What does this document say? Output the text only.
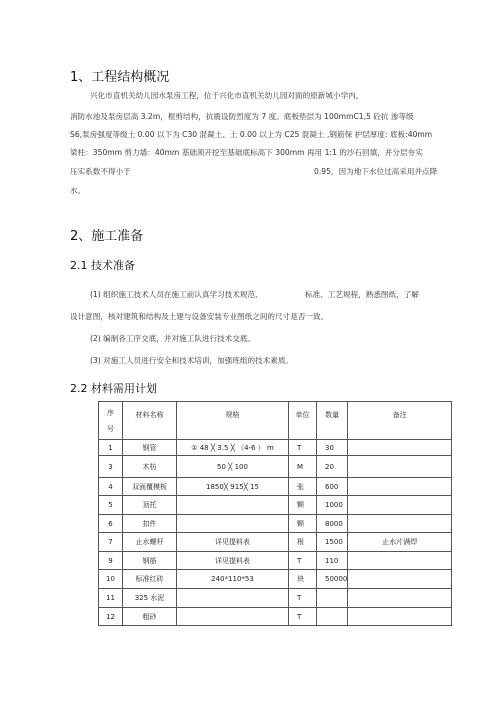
1、工程结构概况
兴化市直机关幼儿园水泵房工程，位于兴化市直机关幼儿园对面的原新城小学内，
消防水池及泵房层高 3.2m，框剪结构，抗震设防烈度为 7 度。底板垫层为 100mmC1,5 砼抗 渗等级
S6,泵房强度等级土 0.00 以下为 C30 混凝土、土 0.00 以上为 C25 混凝土 ,钢筋保 护层厚度: 底板:40mm
梁柱：350mm 剪力墙：40mm 基础须开挖至基础底标高下 300mm 再用 1:1 的沙石回填，并分层夯实
压实系数不得小于	0.95，因为地下水位过高采用井点降
水。
2、施工准备
2.1 技术准备
(1) 组织施工技术人员在施工前认真学习技术规范、	标准、工艺规程，熟悉图纸，了解
设计意图，核对建筑和结构及土建与设备安装专业图纸之间的尺寸是否一致。
(2) 编制各工序交底，并对施工队进行技术交底。
(3) 对施工人员进行安全和技术培训，加强班组的技术素质。
2.2 材料需用计划
序
号	材料名称	规格	单位	数量	备注
1	钢管	① 48 ╳ 3.5 ╳ （4-6 ） m	T	30	
3	木枋	50 ╳ 100	M	20	
4	双面覆模板	1850╳ 915╳ 15	张	600	
5	顶托		颗	1000	
6	扣件		颗	8000	
7	止水螺杆	详见提料表	根	1500	止水片满焊
9	钢筋	详见提料表	T	110	
10	标准红砖	240*110*53	块	50000	
11	325 水泥		T		
12	粗砂		T		
